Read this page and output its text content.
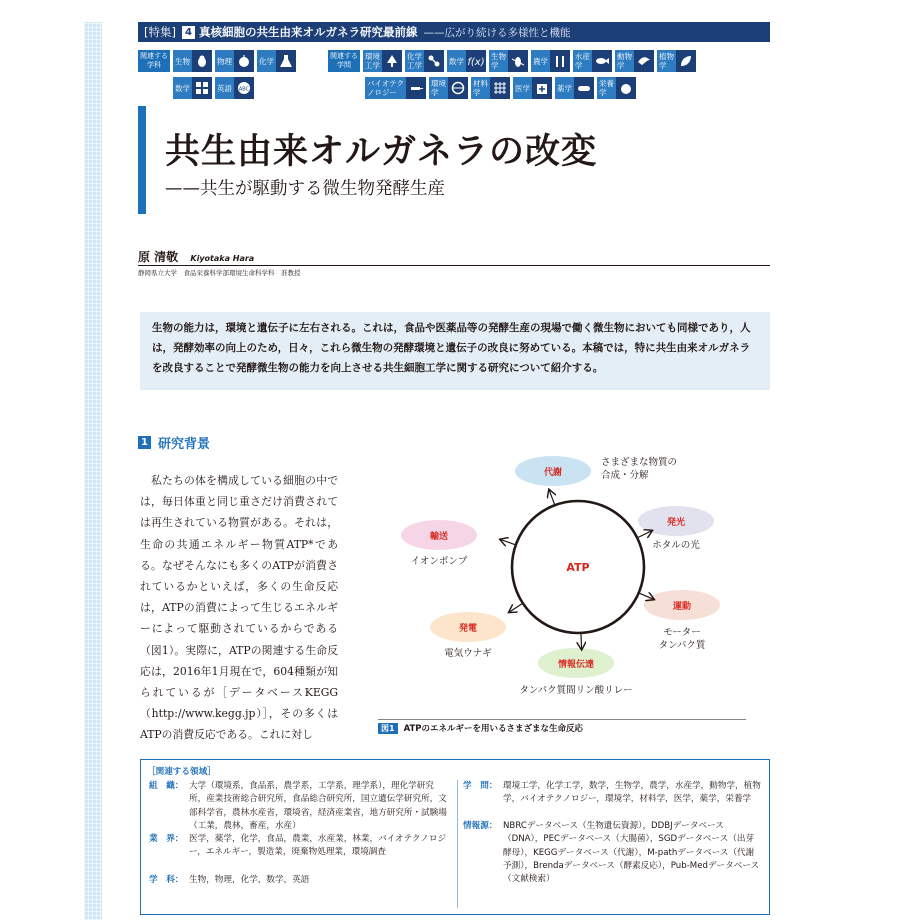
[特集] 4 真核細胞の共生由来オルガネラ研究最前線 ——広がり続ける多様性と機能
関連する
学科	生物	物理	化学
数学	英語	ABC
関連する
学問
環境
工学
化学
工学	数学 f(x)
生物
学	農学	水産
学
動物
学
植物
学
バイオテク
ノロジー
環境
学
材料
学	医学	薬学	栄養
学
共生由来オルガネラの改変
——共生が駆動する微生物発酵生産
原 清敬 Kiyotaka Hara
静岡県立大学　食品栄養科学部環境生命科学科　准教授
生物の能力は，環境と遺伝子に左右される。これは，食品や医薬品等の発酵生産の現場で働く微生物においても同様であり，人は，発酵効率の向上のため，日々，これら微生物の発酵環境と遺伝子の改良に努めている。本稿では，特に共生由来オルガネラを改良することで発酵微生物の能力を向上させる共生細胞工学に関する研究について紹介する。
1 研究背景
私たちの体を構成している細胞の中では，毎日体重と同じ重さだけ消費されては再生されている物質がある。それは，生命の共通エネルギー物質ATP*である。なぜそんなにも多くのATPが消費されているかといえば，多くの生命反応は，ATPの消費によって生じるエネルギーによって駆動されているからである（図1）。実際に，ATPの関連する生命反応は，2016年1月現在で，604種類が知られているが［データベースKEGG（http://www.kegg.jp）］，その多くはATPの消費反応である。これに対し
ATP
代謝
さまざまな物質の
合成・分解
発光
ホタルの光
運動
モーター
タンパク質
情報伝達
タンパク質間リン酸リレー
発電
電気ウナギ
輸送
イオンポンプ
図1	ATPのエネルギーを用いるさまざまな生命反応
［関連する領域］
組　織： 大学（環境系，食品系，農学系，工学系，理学系），理化学研究所，産業技術総合研究所，食品総合研究所，国立遺伝学研究所，文部科学省，農林水産省，環境省，経済産業省，地方研究所・試験場（工業，農林，畜産，水産）
業　界： 医学，薬学，化学，食品，農業，水産業，林業，バイオテクノロジー，エネルギー，製造業，廃棄物処理業，環境調査
学　科： 生物，物理，化学，数学，英語
学　問： 環境工学，化学工学，数学，生物学，農学，水産学，動物学，植物学，バイオテクノロジー，環境学，材料学，医学，薬学，栄養学
情報源： NBRCデータベース（生物遺伝資源），DDBJデータベース（DNA），PECデータベース（大腸菌），SGDデータベース（出芽酵母），KEGGデータベース（代謝），M-pathデータベース（代謝予測），Brendaデータベース（酵素反応），Pub-Medデータベース（文献検索）
